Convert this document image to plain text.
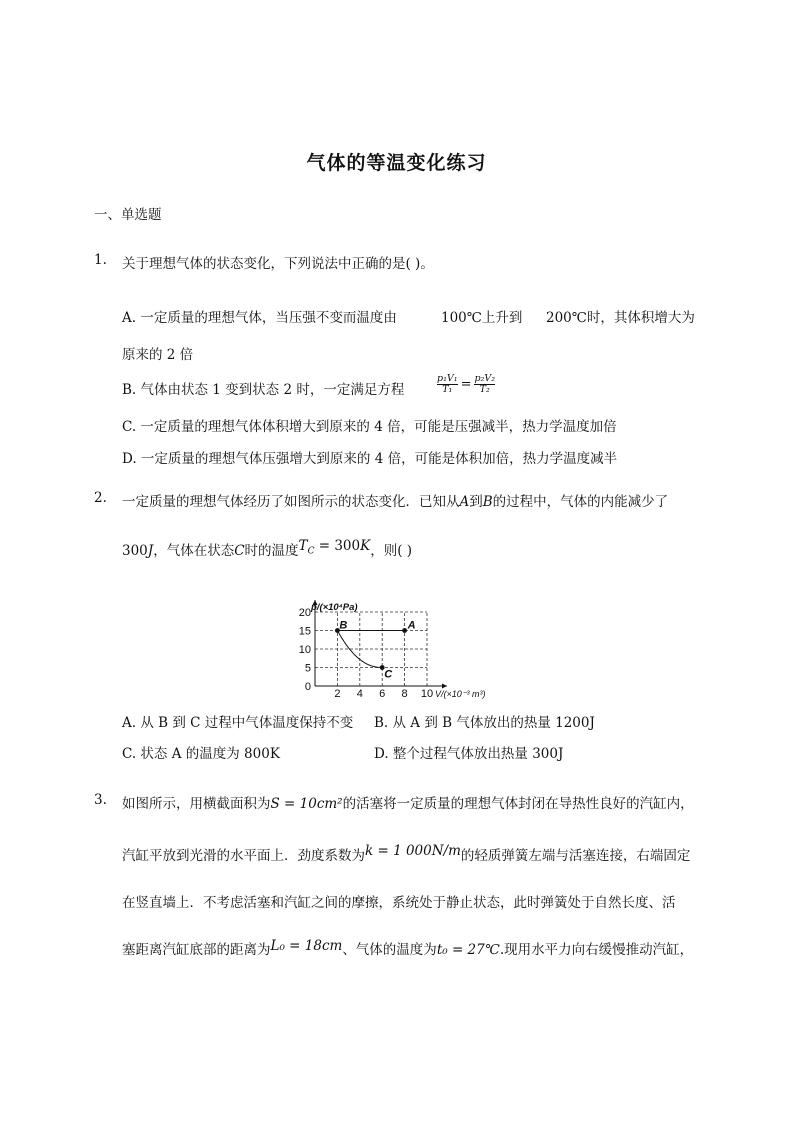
气体的等温变化练习
一、单选题
1. 关于理想气体的状态变化，下列说法中正确的是( )。
A. 一定质量的理想气体，当压强不变而温度由	100℃上升到 200℃时，其体积增大为
原来的 2 倍
B. 气体由状态 1 变到状态 2 时，一定满足方程	$\frac{\text{p₁V₁}}{\text{T₁}} = \frac{\text{p₂V₂}}{\text{T₂}}$
C. 一定质量的理想气体体积增大到原来的 4 倍，可能是压强减半，热力学温度加倍
D. 一定质量的理想气体压强增大到原来的 4 倍，可能是体积加倍，热力学温度减半
2. 一定质量的理想气体经历了如图所示的状态变化．已知从A到B的过程中，气体的内能减少了
300J，气体在状态C时的温度$T_C = 300K$，则( )
2 4 6 8 10
0
5
10
15
20 p/(×10⁴Pa)
V/(×10⁻³ m³)
A
B
C
A. 从 B 到 C 过程中气体温度保持不变 B. 从 A 到 B 气体放出的热量 1200J
C. 状态 A 的温度为 800K	D. 整个过程气体放出热量 300J
3. 如图所示，用横截面积为S = 10cm²的活塞将一定质量的理想气体封闭在导热性良好的汽缸内，
汽缸平放到光滑的水平面上．劲度系数为k = 1 000N/m的轻质弹簧左端与活塞连接，右端固定
在竖直墙上．不考虑活塞和汽缸之间的摩擦，系统处于静止状态，此时弹簧处于自然长度、活
塞距离汽缸底部的距离为L₀ = 18cm、气体的温度为t₀ = 27℃.现用水平力向右缓慢推动汽缸，
